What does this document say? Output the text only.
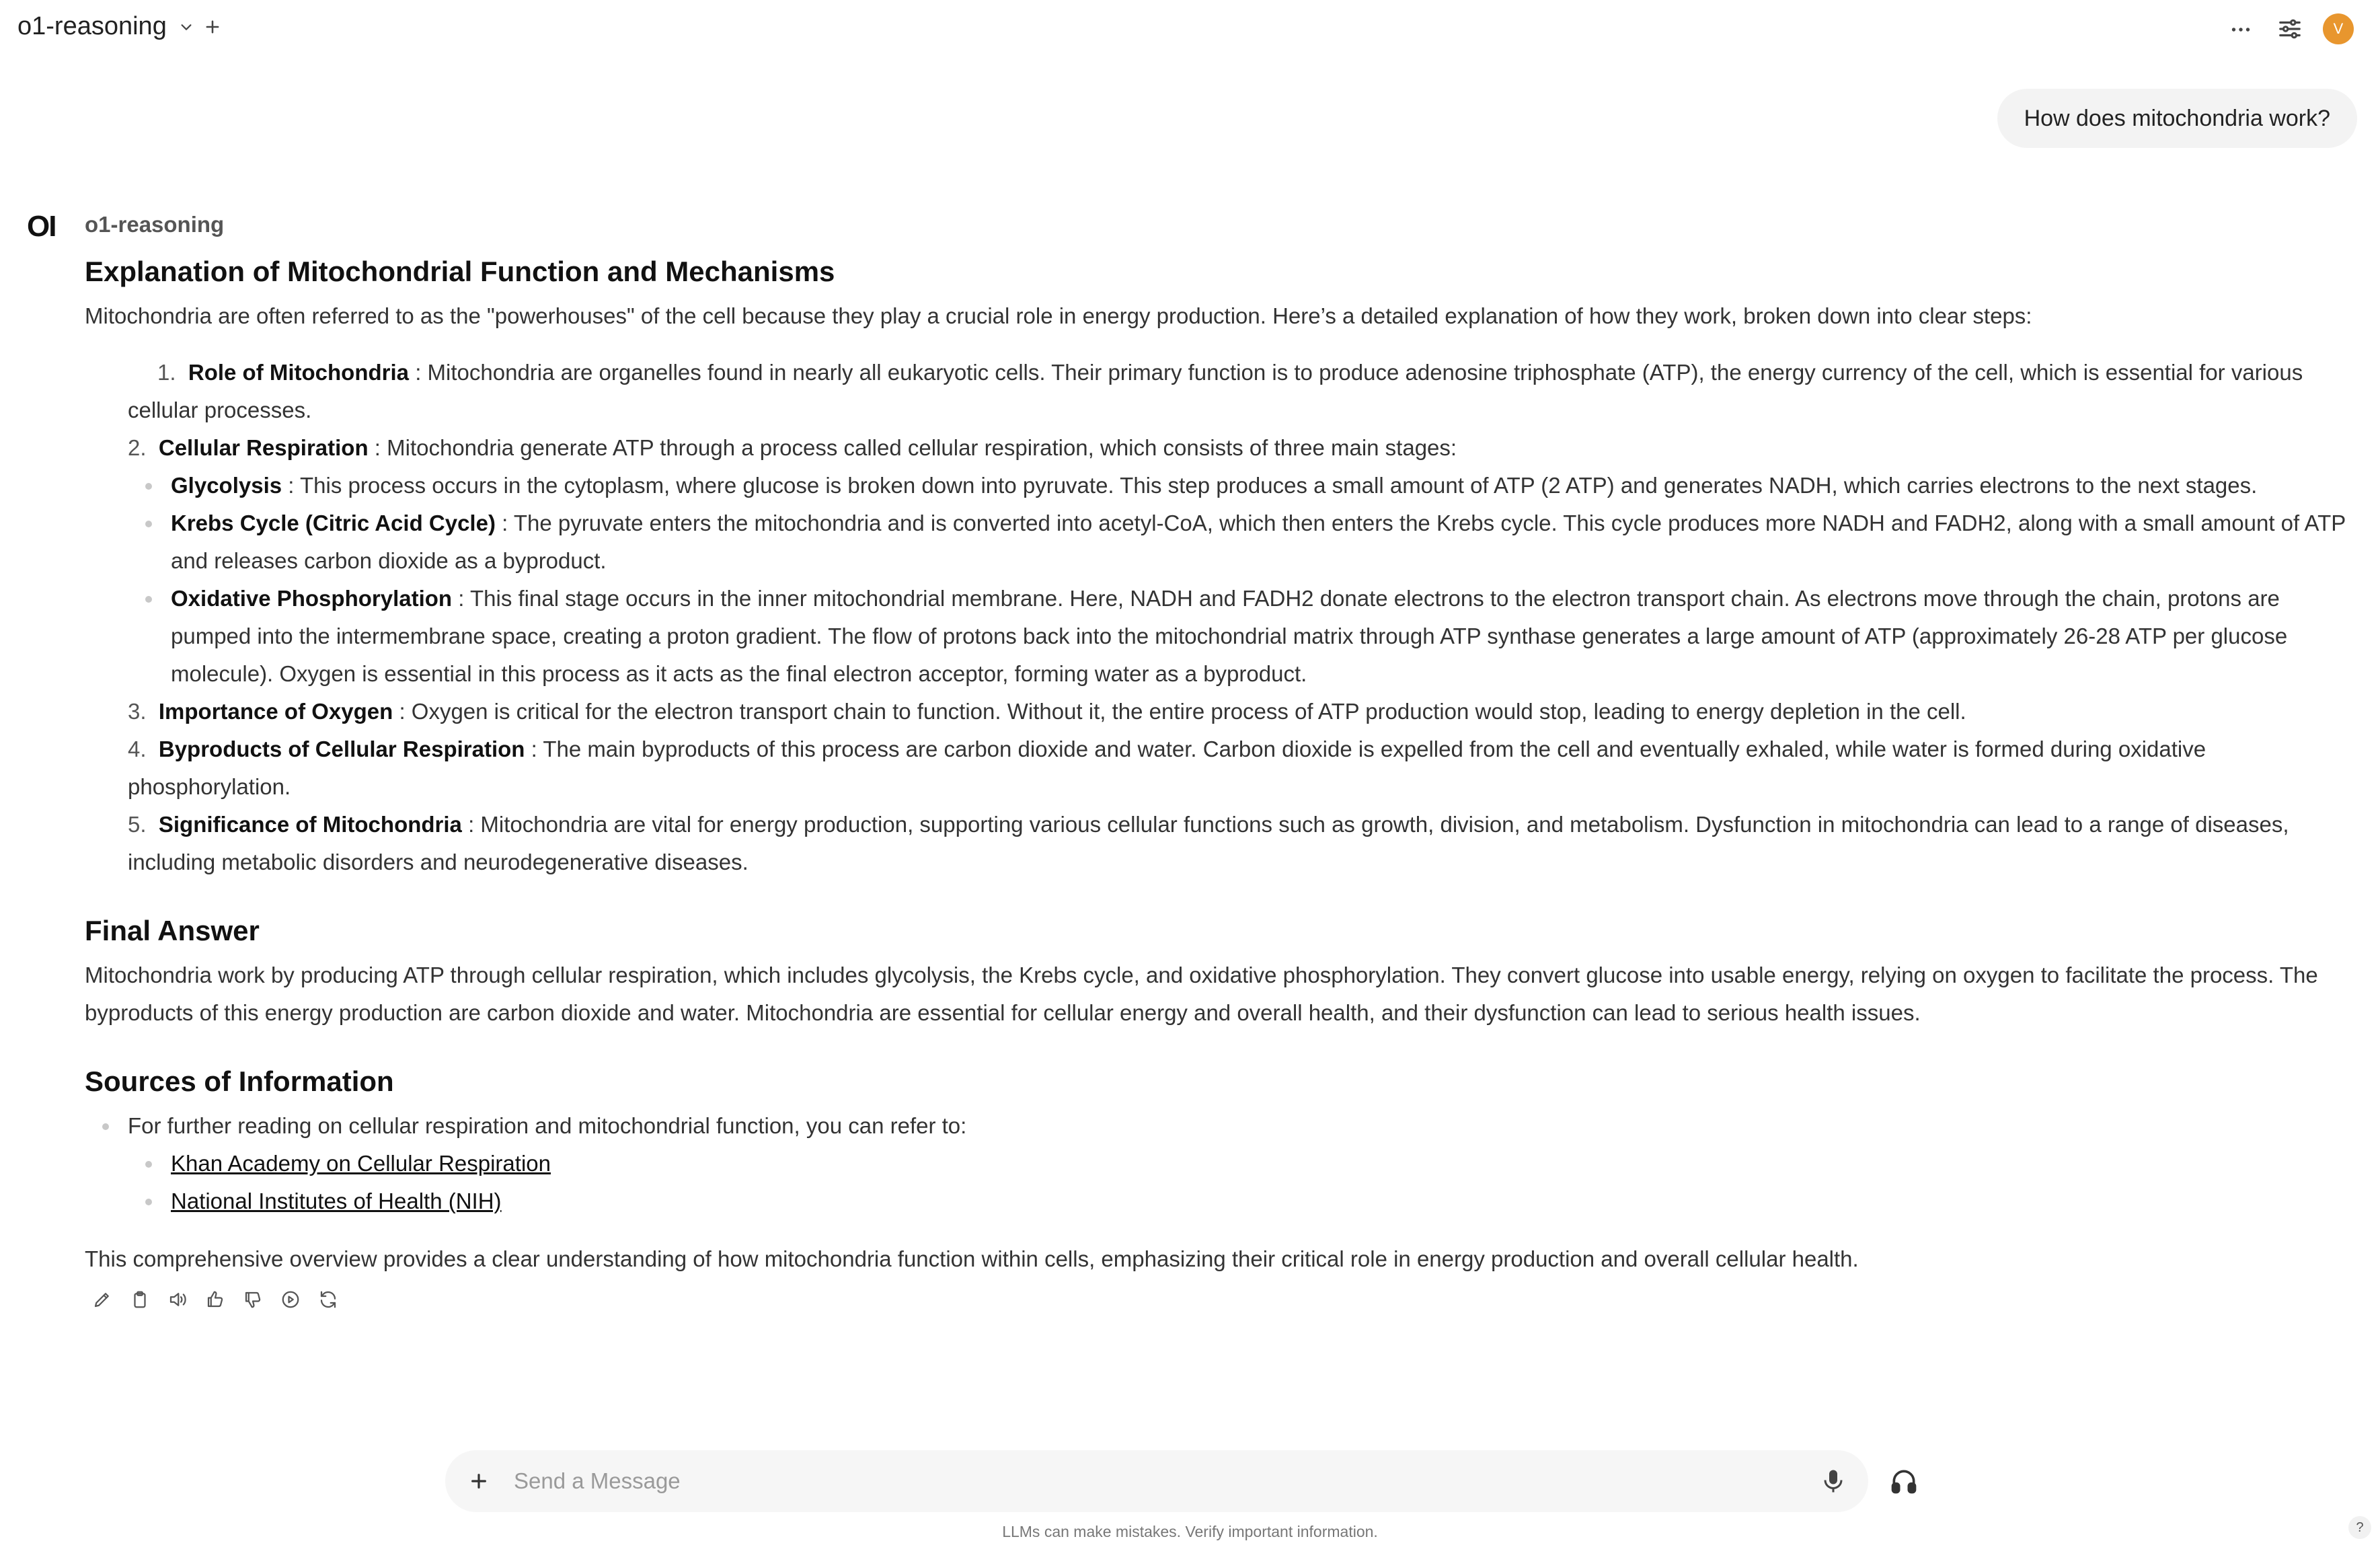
o1-reasoning	V
How does mitochondria work?
OI o1-reasoning
Explanation of Mitochondrial Function and Mechanisms

Mitochondria are often referred to as the "powerhouses" of the cell because they play a crucial role in energy production. Here’s a detailed explanation of how they work, broken down into clear steps:

1. Role of Mitochondria : Mitochondria are organelles found in nearly all eukaryotic cells. Their primary function is to produce adenosine triphosphate (ATP), the energy currency of the cell, which is essential for various cellular processes.
2. Cellular Respiration : Mitochondria generate ATP through a process called cellular respiration, which consists of three main stages:
Glycolysis : This process occurs in the cytoplasm, where glucose is broken down into pyruvate. This step produces a small amount of ATP (2 ATP) and generates NADH, which carries electrons to the next stages.
Krebs Cycle (Citric Acid Cycle) : The pyruvate enters the mitochondria and is converted into acetyl-CoA, which then enters the Krebs cycle. This cycle produces more NADH and FADH2, along with a small amount of ATP and releases carbon dioxide as a byproduct.
Oxidative Phosphorylation : This final stage occurs in the inner mitochondrial membrane. Here, NADH and FADH2 donate electrons to the electron transport chain. As electrons move through the chain, protons are pumped into the intermembrane space, creating a proton gradient. The flow of protons back into the mitochondrial matrix through ATP synthase generates a large amount of ATP (approximately 26-28 ATP per glucose molecule). Oxygen is essential in this process as it acts as the final electron acceptor, forming water as a byproduct.
3. Importance of Oxygen : Oxygen is critical for the electron transport chain to function. Without it, the entire process of ATP production would stop, leading to energy depletion in the cell.
4. Byproducts of Cellular Respiration : The main byproducts of this process are carbon dioxide and water. Carbon dioxide is expelled from the cell and eventually exhaled, while water is formed during oxidative phosphorylation.
5. Significance of Mitochondria : Mitochondria are vital for energy production, supporting various cellular functions such as growth, division, and metabolism. Dysfunction in mitochondria can lead to a range of diseases, including metabolic disorders and neurodegenerative diseases.
Final Answer

Mitochondria work by producing ATP through cellular respiration, which includes glycolysis, the Krebs cycle, and oxidative phosphorylation. They convert glucose into usable energy, relying on oxygen to facilitate the process. The byproducts of this energy production are carbon dioxide and water. Mitochondria are essential for cellular energy and overall health, and their dysfunction can lead to serious health issues.

Sources of Information
For further reading on cellular respiration and mitochondrial function, you can refer to:
Khan Academy on Cellular Respiration
National Institutes of Health (NIH)

This comprehensive overview provides a clear understanding of how mitochondria function within cells, emphasizing their critical role in energy production and overall cellular health.

Send a Message
LLMs can make mistakes. Verify important information.	?
